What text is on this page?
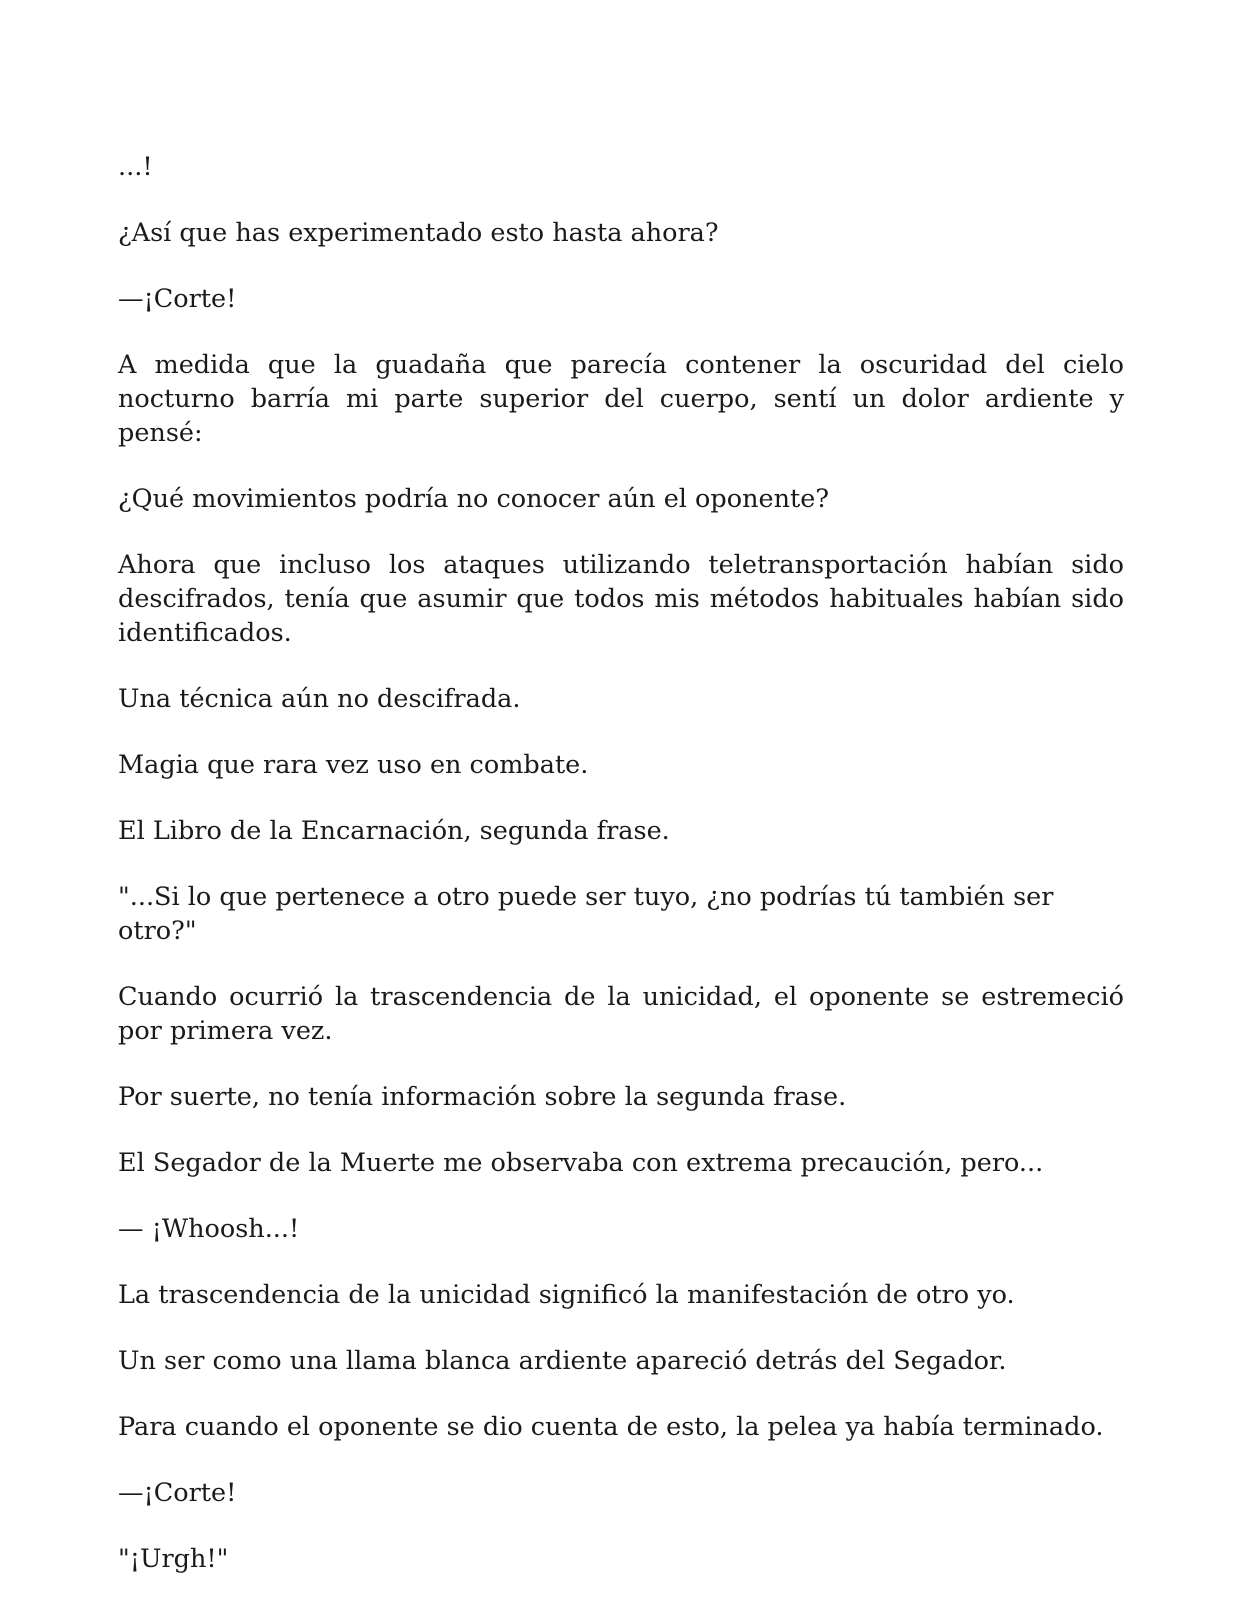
...!

¿Así que has experimentado esto hasta ahora?

—¡Corte!

A medida que la guadaña que parecía contener la oscuridad del cielo nocturno barría mi parte superior del cuerpo, sentí un dolor ardiente y pensé:

¿Qué movimientos podría no conocer aún el oponente?

Ahora que incluso los ataques utilizando teletransportación habían sido descifrados, tenía que asumir que todos mis métodos habituales habían sido identificados.

Una técnica aún no descifrada.

Magia que rara vez uso en combate.

El Libro de la Encarnación, segunda frase.

"...Si lo que pertenece a otro puede ser tuyo, ¿no podrías tú también ser otro?"

Cuando ocurrió la trascendencia de la unicidad, el oponente se estremeció por primera vez.

Por suerte, no tenía información sobre la segunda frase.

El Segador de la Muerte me observaba con extrema precaución, pero...

— ¡Whoosh...!

La trascendencia de la unicidad significó la manifestación de otro yo.

Un ser como una llama blanca ardiente apareció detrás del Segador.

Para cuando el oponente se dio cuenta de esto, la pelea ya había terminado.

—¡Corte!

"¡Urgh!"
